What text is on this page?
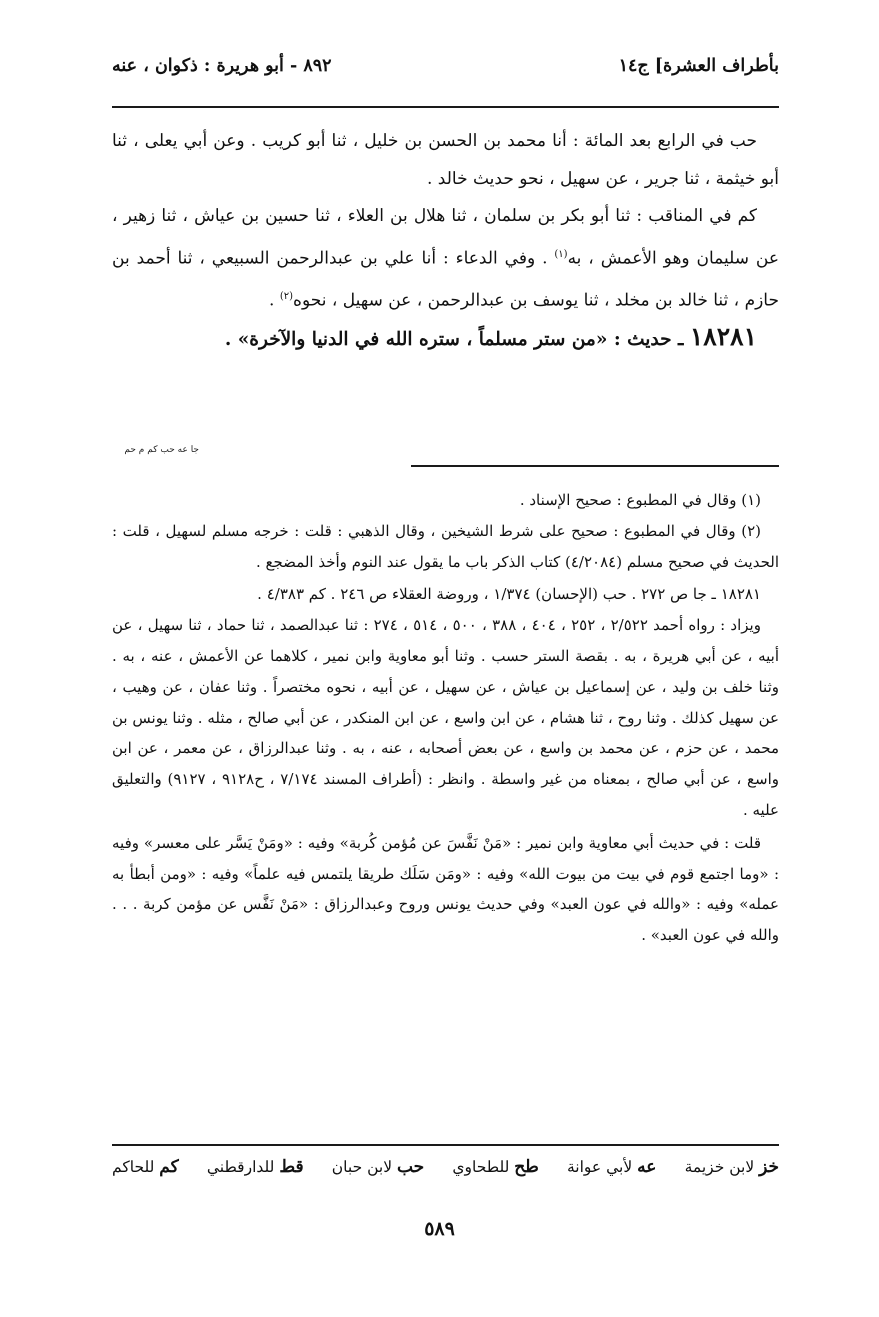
بأطراف العشرة] ج١٤
٨٩٢ - أبو هريرة : ذكوان ، عنه

حب في الرابع بعد المائة : أنا محمد بن الحسن بن خليل ، ثنا أبو كريب . وعن أبي يعلى ، ثنا أبو خيثمة ، ثنا جرير ، عن سهيل ، نحو حديث خالد .

كم في المناقب : ثنا أبو بكر بن سلمان ، ثنا هلال بن العلاء ، ثنا حسين بن عياش ، ثنا زهير ، عن سليمان وهو الأعمش ، به$^{(١)}$ . وفي الدعاء : أنا علي بن عبدالرحمن السبيعي ، ثنا أحمد بن حازم ، ثنا خالد بن مخلد ، ثنا يوسف بن عبدالرحمن ، عن سهيل ، نحوه$^{(٢)}$ .

١٨٢٨١ ـ حديث : «من ستر مسلماً ، ستره الله في الدنيا والآخرة» .

جا عه حب كم م حم

(١) وقال في المطبوع : صحيح الإسناد .

(٢) وقال في المطبوع : صحيح على شرط الشيخين ، وقال الذهبي : قلت : خرجه مسلم لسهيل ، قلت : الحديث في صحيح مسلم (٤/٢٠٨٤) كتاب الذكر باب ما يقول عند النوم وأخذ المضجع .

١٨٢٨١ ـ جا ص ٢٧٢ . حب (الإحسان) ١/٣٧٤ ، وروضة العقلاء ص ٢٤٦ . كم ٤/٣٨٣ .

ويزاد : رواه أحمد ٢/٥٢٢ ، ٢٥٢ ، ٤٠٤ ، ٣٨٨ ، ٥٠٠ ، ٥١٤ ، ٢٧٤ : ثنا عبدالصمد ، ثنا حماد ، ثنا سهيل ، عن أبيه ، عن أبي هريرة ، به . بقصة الستر حسب . وثنا أبو معاوية وابن نمير ، كلاهما عن الأعمش ، عنه ، به . وثنا خلف بن وليد ، عن إسماعيل بن عياش ، عن سهيل ، عن أبيه ، نحوه مختصراً . وثنا عفان ، عن وهيب ، عن سهيل كذلك . وثنا روح ، ثنا هشام ، عن ابن واسع ، عن ابن المنكدر ، عن أبي صالح ، مثله . وثنا يونس بن محمد ، عن حزم ، عن محمد بن واسع ، عن بعض أصحابه ، عنه ، به . وثنا عبدالرزاق ، عن معمر ، عن ابن واسع ، عن أبي صالح ، بمعناه من غير واسطة . وانظر : (أطراف المسند ٧/١٧٤ ، ح٩١٢٨ ، ٩١٢٧) والتعليق عليه .

قلت : في حديث أبي معاوية وابن نمير : «مَنْ نَفَّسَ عن مُؤمن كُربة» وفيه : «ومَنْ يَسَّر على معسر» وفيه : «وما اجتمع قوم في بيت من بيوت الله» وفيه : «ومَن سَلَك طريقا يلتمس فيه علماً» وفيه : «ومن أبطأ به عمله» وفيه : «والله في عون العبد» وفي حديث يونس وروح وعبدالرزاق : «مَنْ نَفَّس عن مؤمن كربة . . . والله في عون العبد» .

خز لابن خزيمة
عه لأبي عوانة
طح للطحاوي
حب لابن حبان
قط للدارقطني
كم للحاكم
٥٨٩
